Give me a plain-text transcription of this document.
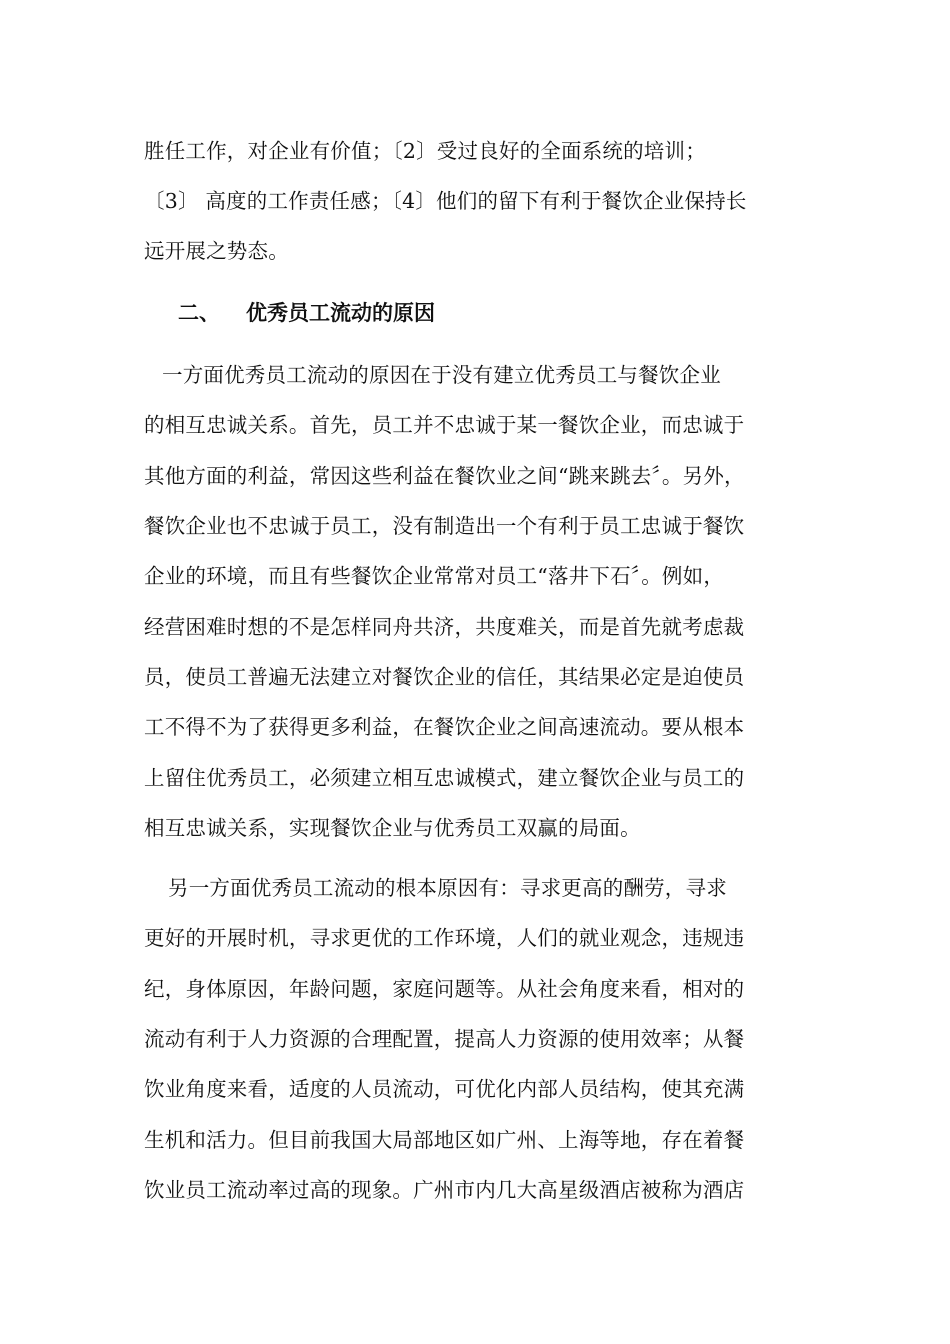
胜任工作，对企业有价值；〔2〕受过良好的全面系统的培训；
〔3〕 高度的工作责任感；〔4〕他们的留下有利于餐饮企业保持长
远开展之势态。
二、 优秀员工流动的原因
一方面优秀员工流动的原因在于没有建立优秀员工与餐饮企业
的相互忠诚关系。首先，员工并不忠诚于某一餐饮企业，而忠诚于
其他方面的利益，常因这些利益在餐饮业之间“跳来跳去〞。另外，
餐饮企业也不忠诚于员工，没有制造出一个有利于员工忠诚于餐饮
企业的环境，而且有些餐饮企业常常对员工“落井下石〞。例如，
经营困难时想的不是怎样同舟共济，共度难关，而是首先就考虑裁
员，使员工普遍无法建立对餐饮企业的信任，其结果必定是迫使员
工不得不为了获得更多利益，在餐饮企业之间高速流动。要从根本
上留住优秀员工，必须建立相互忠诚模式，建立餐饮企业与员工的
相互忠诚关系，实现餐饮企业与优秀员工双赢的局面。
另一方面优秀员工流动的根本原因有：寻求更高的酬劳，寻求
更好的开展时机，寻求更优的工作环境，人们的就业观念，违规违
纪，身体原因，年龄问题，家庭问题等。从社会角度来看，相对的
流动有利于人力资源的合理配置，提高人力资源的使用效率；从餐
饮业角度来看，适度的人员流动，可优化内部人员结构，使其充满
生机和活力。但目前我国大局部地区如广州、上海等地，存在着餐
饮业员工流动率过高的现象。广州市内几大高星级酒店被称为酒店
